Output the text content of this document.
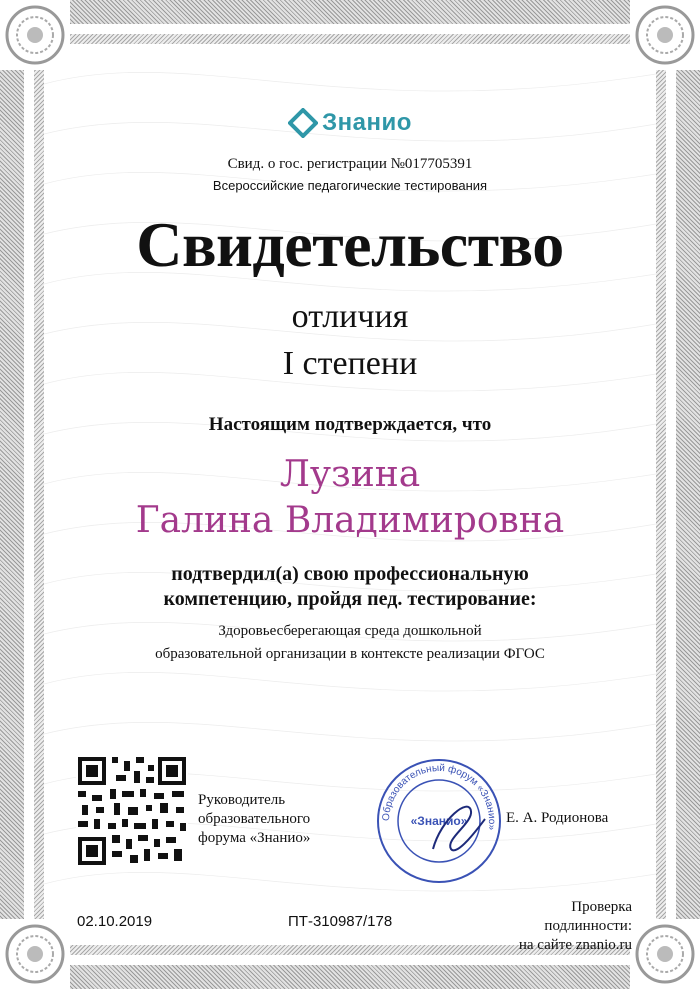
Знанио
Свид. о гос. регистрации №017705391
Всероссийские педагогические тестирования
Свидетельство
отличия
I степени
Настоящим подтверждается, что
Лузина
Галина Владимировна
подтвердил(а) свою профессиональную
компетенцию, пройдя пед. тестирование:
Здоровьесберегающая среда дошкольной
образовательной организации в контексте реализации ФГОС
Руководитель
образовательного
форума «Знанио»
Образовательный форум «Знанио»
«Знанио»	Е. А. Родионова
02.10.2019	ПТ-310987/178
Проверка
подлинности:
на сайте znanio.ru
